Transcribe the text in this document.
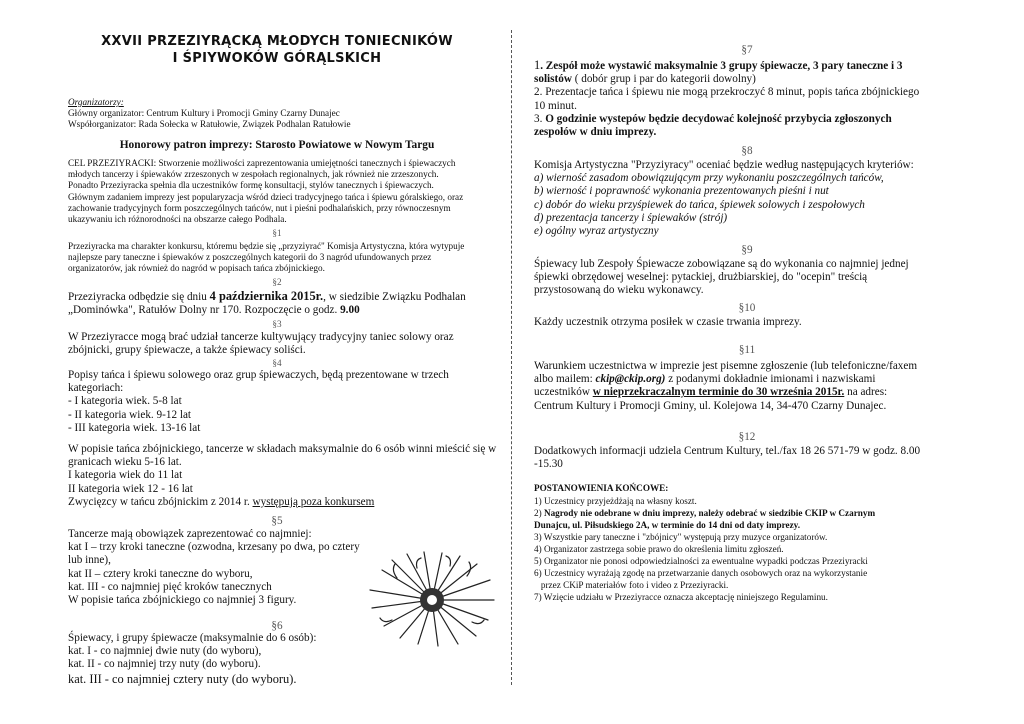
XXVII PRZEZIYRĄCKĄ MŁODYCH TONIECNIKÓW
I ŚPIYWOKÓW GÓRĄLSKICH
Organizatorzy:
Główny organizator: Centrum Kultury i Promocji Gminy Czarny Dunajec
Współorganizator: Rada Sołecka w Ratułowie, Związek Podhalan Ratułowie
Honorowy patron imprezy: Starosto Powiatowe w Nowym Targu

CEL PRZEZIYRACKI: Stworzenie możliwości zaprezentowania umiejętności tanecznych i śpiewaczych

młodych tancerzy i śpiewaków zrzeszonych w zespołach regionalnych, jak również nie zrzeszonych.

Ponadto Przeziyracka spełnia dla uczestników formę konsultacji, stylów tanecznych i śpiewaczych.

Głównym zadaniem imprezy jest popularyzacja wśród dzieci tradycyjnego tańca i śpiewu góralskiego, oraz

zachowanie tradycyjnych form poszczególnych tańców, nut i pieśni podhalańskich, przy równoczesnym

ukazywaniu ich różnorodności na obszarze całego Podhala.

§1

Przeziyracka ma charakter konkursu, któremu będzie się „przyziyrać" Komisja Artystyczna, która wytypuje

najlepsze pary taneczne i śpiewaków z poszczególnych kategorii do 3 nagród ufundowanych przez

organizatorów, jak również do nagród w popisach tańca zbójnickiego.

§2

Przeziyracka odbędzie się dniu 4 października 2015r., w siedzibie Związku Podhalan

„Dominówka", Ratułów Dolny nr 170. Rozpoczęcie o godz. 9.00

§3

W Przeziyracce mogą brać udział tancerze kultywujący tradycyjny taniec solowy oraz

zbójnicki, grupy śpiewacze, a także śpiewacy soliści.

§4

Popisy tańca i śpiewu solowego oraz grup śpiewaczych, będą prezentowane w trzech

kategoriach:

- I kategoria wiek. 5-8 lat

- II kategoria wiek. 9-12 lat

- III kategoria wiek. 13-16 lat

W popisie tańca zbójnickiego, tancerze w składach maksymalnie do 6 osób winni mieścić się w

granicach wieku 5-16 lat.

I kategoria wiek do 11 lat

II kategoria wiek 12 - 16 lat

Zwycięzcy w tańcu zbójnickim z 2014 r. występują poza konkursem

§5

Tancerze mają obowiązek zaprezentować co najmniej:

kat I – trzy kroki taneczne (ozwodna, krzesany po dwa, po cztery

lub inne),

kat II – cztery kroki taneczne do wyboru,

kat. III - co najmniej pięć kroków tanecznych

W popisie tańca zbójnickiego co najmniej 3 figury.

§6

Śpiewacy, i grupy śpiewacze (maksymalnie do 6 osób):

kat. I - co najmniej dwie nuty (do wyboru),

kat. II - co najmniej trzy nuty (do wyboru).

kat. III - co najmniej cztery nuty (do wyboru).

§7

1. Zespół może wystawić maksymalnie 3 grupy śpiewacze, 3 pary taneczne i 3

solistów ( dobór grup i par do kategorii dowolny)

2. Prezentacje tańca i śpiewu nie mogą przekroczyć 8 minut, popis tańca zbójnickiego

10 minut.

3. O godzinie wystepów będzie decydować kolejność przybycia zgłoszonych

zespołów w dniu imprezy.

§8

Komisja Artystyczna "Przyziyracy" oceniać będzie według następujących kryteriów:

a) wierność zasadom obowiązującym przy wykonaniu poszczególnych tańców,

b) wierność i poprawność wykonania prezentowanych pieśni i nut

c) dobór do wieku przyśpiewek do tańca, śpiewek solowych i zespołowych

d) prezentacja tancerzy i śpiewaków (strój)

e) ogólny wyraz artystyczny

§9

Śpiewacy lub Zespoły Śpiewacze zobowiązane są do wykonania co najmniej jednej

śpiewki obrzędowej weselnej: pytackiej, drużbiarskiej, do "ocepin" treścią

przystosowaną do wieku wykonawcy.

§10
Każdy uczestnik otrzyma posiłek w czasie trwania imprezy.
§11

Warunkiem uczestnictwa w imprezie jest pisemne zgłoszenie (lub telefoniczne/faxem

albo mailem: ckip@ckip.org) z podanymi dokładnie imionami i nazwiskami

uczestników w nieprzekraczalnym terminie do 30 września 2015r. na adres:

Centrum Kultury i Promocji Gminy, ul. Kolejowa 14, 34-470 Czarny Dunajec.

§12

Dodatkowych informacji udziela Centrum Kultury, tel./fax 18 26 571-79 w godz. 8.00

-15.30

POSTANOWIENIA KOŃCOWE:

1) Uczestnicy przyjeżdżają na własny koszt.

2) Nagrody nie odebrane w dniu imprezy, należy odebrać w siedzibie CKIP w Czarnym

Dunajcu, ul. Piłsudskiego 2A, w terminie do 14 dni od daty imprezy.

3) Wszystkie pary taneczne i "zbójnicy" występują przy muzyce organizatorów.

4) Organizator zastrzega sobie prawo do określenia limitu zgłoszeń.

5) Organizator nie ponosi odpowiedzialności za ewentualne wypadki podczas Przeziyracki

6) Uczestnicy wyrażają zgodę na przetwarzanie danych osobowych oraz na wykorzystanie

przez CKiP materiałów foto i video z Przeziyracki.

7) Wzięcie udziału w Przeziyracce oznacza akceptację niniejszego Regulaminu.
